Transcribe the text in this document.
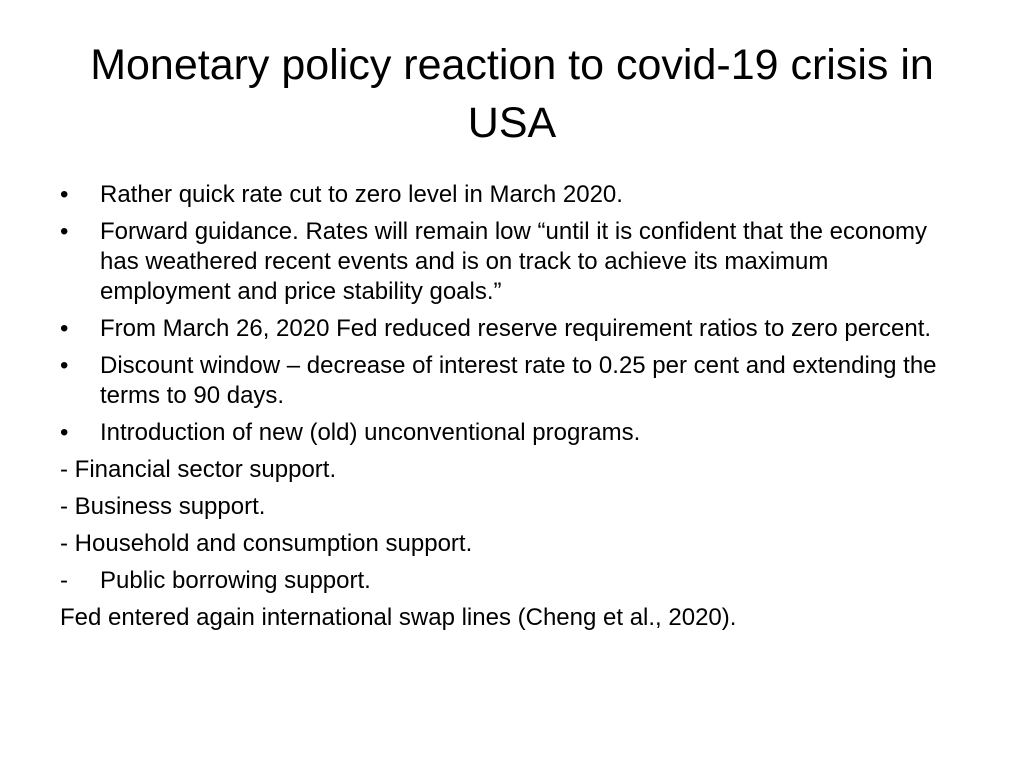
Monetary policy reaction to covid-19 crisis in USA
•	Rather quick rate cut to zero level in March 2020.
•	Forward guidance. Rates will remain low “until it is confident that the economy has weathered recent events and is on track to achieve its maximum employment and price stability goals.”
•	From March 26, 2020 Fed reduced reserve requirement ratios to zero percent.
•	Discount window – decrease of interest rate to 0.25 per cent and extending the terms to 90 days.
•	Introduction of new (old) unconventional programs.
- Financial sector support.
- Business support.
- Household and consumption support.
-	Public borrowing support.
Fed entered again international swap lines (Cheng et al., 2020).
